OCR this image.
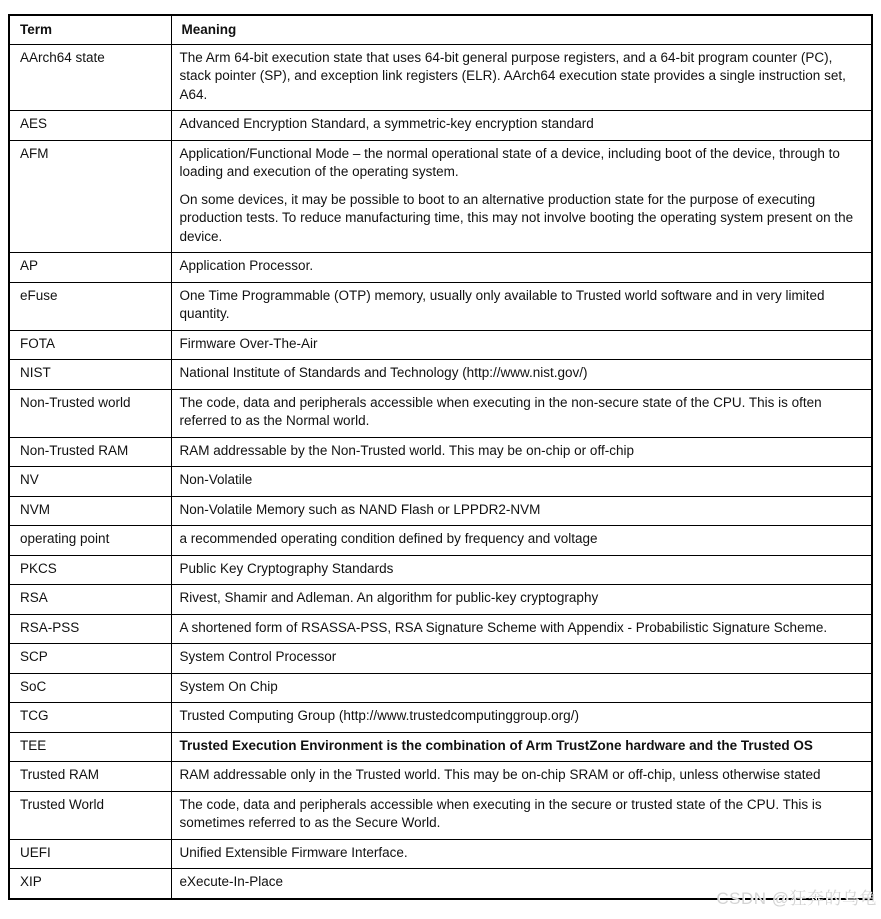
Term	Meaning
AArch64 state	The Arm 64-bit execution state that uses 64-bit general purpose registers, and a 64-bit program counter (PC), stack pointer (SP), and exception link registers (ELR). AArch64 execution state provides a single instruction set, A64.

AES	Advanced Encryption Standard, a symmetric-key encryption standard

AFM	Application/Functional Mode – the normal operational state of a device, including boot of the device, through to loading and execution of the operating system.
On some devices, it may be possible to boot to an alternative production state for the purpose of executing production tests. To reduce manufacturing time, this may not involve booting the operating system present on the device.

AP	Application Processor.

eFuse	One Time Programmable (OTP) memory, usually only available to Trusted world software and in very limited quantity.

FOTA	Firmware Over-The-Air

NIST	National Institute of Standards and Technology (http://www.nist.gov/)

Non-Trusted world	The code, data and peripherals accessible when executing in the non-secure state of the CPU. This is often referred to as the Normal world.

Non-Trusted RAM	RAM addressable by the Non-Trusted world. This may be on-chip or off-chip

NV	Non-Volatile

NVM	Non-Volatile Memory such as NAND Flash or LPPDR2-NVM

operating point	a recommended operating condition defined by frequency and voltage

PKCS	Public Key Cryptography Standards

RSA	Rivest, Shamir and Adleman. An algorithm for public-key cryptography

RSA-PSS	A shortened form of RSASSA-PSS, RSA Signature Scheme with Appendix - Probabilistic Signature Scheme.

SCP	System Control Processor

SoC	System On Chip

TCG	Trusted Computing Group (http://www.trustedcomputinggroup.org/)

TEE	Trusted Execution Environment is the combination of Arm TrustZone hardware and the Trusted OS

Trusted RAM	RAM addressable only in the Trusted world. This may be on-chip SRAM or off-chip, unless otherwise stated

Trusted World	The code, data and peripherals accessible when executing in the secure or trusted state of the CPU. This is sometimes referred to as the Secure World.

UEFI	Unified Extensible Firmware Interface.

XIP	eXecute-In-Place
CSDN @狂奔的乌龟
